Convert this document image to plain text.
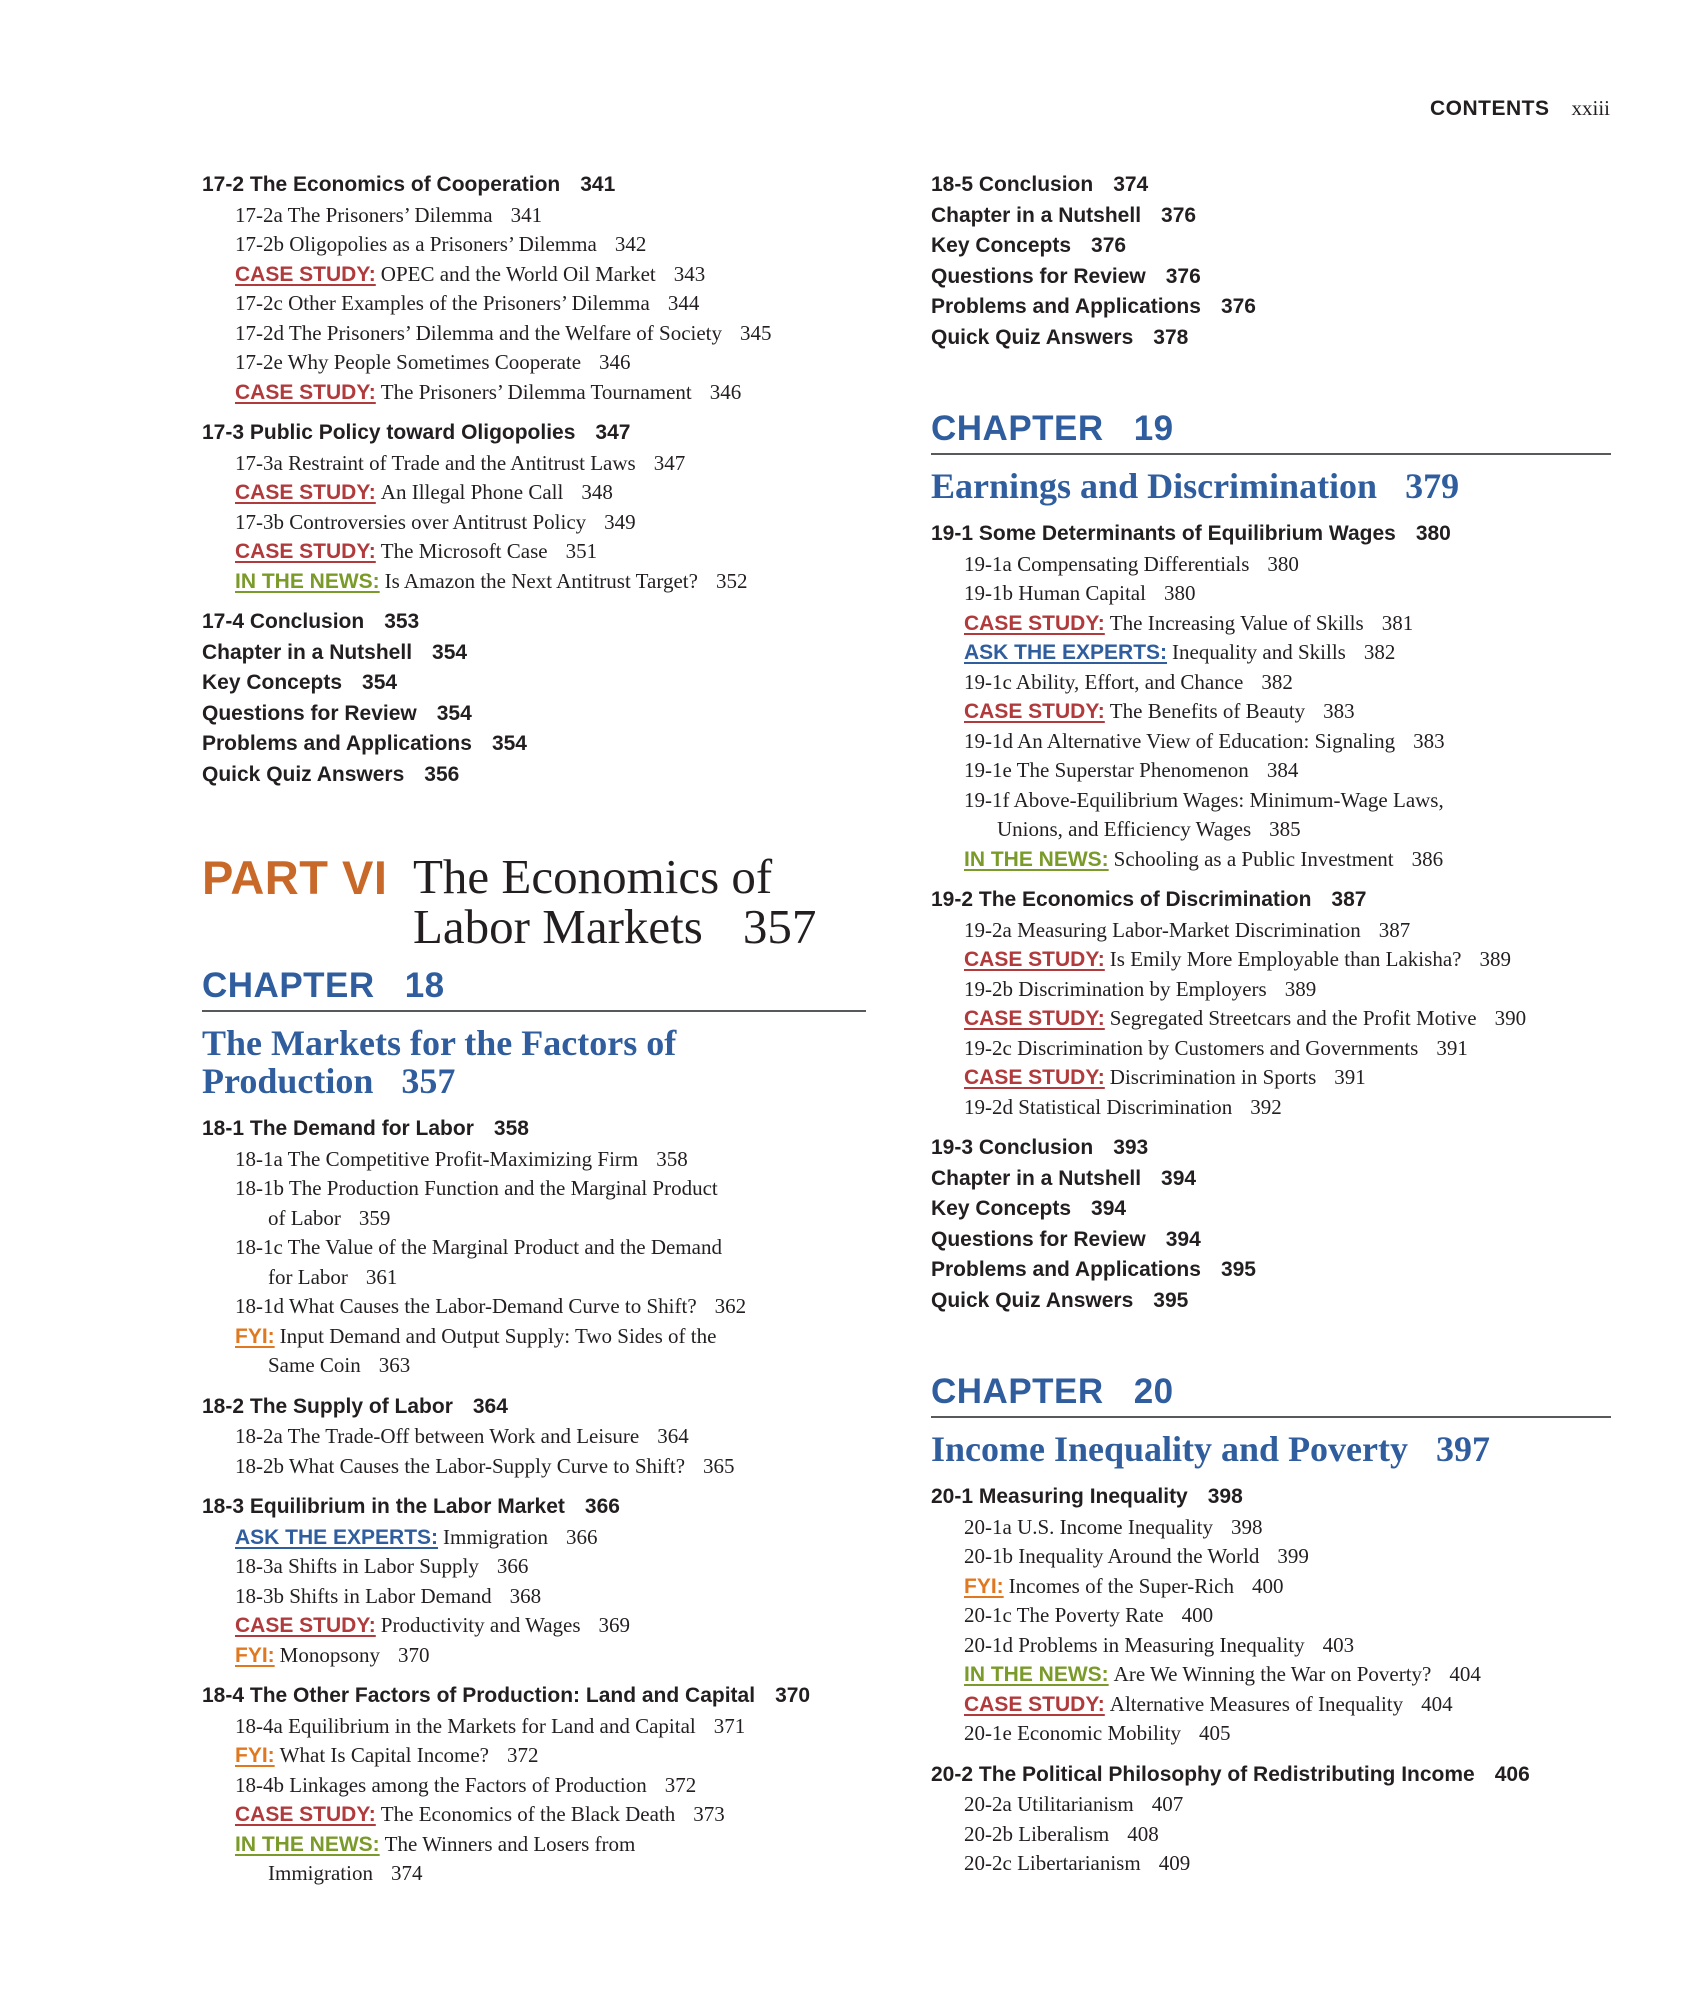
CONTENTS xxiii
17-2 The Economics of Cooperation 341
17-2a The Prisoners’ Dilemma 341
17-2b Oligopolies as a Prisoners’ Dilemma 342
CASE STUDY: OPEC and the World Oil Market 343
17-2c Other Examples of the Prisoners’ Dilemma 344
17-2d The Prisoners’ Dilemma and the Welfare of Society 345
17-2e Why People Sometimes Cooperate 346
CASE STUDY: The Prisoners’ Dilemma Tournament 346
17-3 Public Policy toward Oligopolies 347
17-3a Restraint of Trade and the Antitrust Laws 347
CASE STUDY: An Illegal Phone Call 348
17-3b Controversies over Antitrust Policy 349
CASE STUDY: The Microsoft Case 351
IN THE NEWS: Is Amazon the Next Antitrust Target? 352
17-4 Conclusion 353
Chapter in a Nutshell 354
Key Concepts 354
Questions for Review 354
Problems and Applications 354
Quick Quiz Answers 356
PART VI The Economics of
Labor Markets 357
CHAPTER 18
The Markets for the Factors of
Production 357
18-1 The Demand for Labor 358
18-1a The Competitive Profit-Maximizing Firm 358
18-1b The Production Function and the Marginal Product
of Labor 359
18-1c The Value of the Marginal Product and the Demand
for Labor 361
18-1d What Causes the Labor-Demand Curve to Shift? 362
FYI: Input Demand and Output Supply: Two Sides of the
Same Coin 363
18-2 The Supply of Labor 364
18-2a The Trade-Off between Work and Leisure 364
18-2b What Causes the Labor-Supply Curve to Shift? 365
18-3 Equilibrium in the Labor Market 366
ASK THE EXPERTS: Immigration 366
18-3a Shifts in Labor Supply 366
18-3b Shifts in Labor Demand 368
CASE STUDY: Productivity and Wages 369
FYI: Monopsony 370
18-4 The Other Factors of Production: Land and Capital 370
18-4a Equilibrium in the Markets for Land and Capital 371
FYI: What Is Capital Income? 372
18-4b Linkages among the Factors of Production 372
CASE STUDY: The Economics of the Black Death 373
IN THE NEWS: The Winners and Losers from
Immigration 374
18-5 Conclusion 374
Chapter in a Nutshell 376
Key Concepts 376
Questions for Review 376
Problems and Applications 376
Quick Quiz Answers 378
CHAPTER 19
Earnings and Discrimination 379
19-1 Some Determinants of Equilibrium Wages 380
19-1a Compensating Differentials 380
19-1b Human Capital 380
CASE STUDY: The Increasing Value of Skills 381
ASK THE EXPERTS: Inequality and Skills 382
19-1c Ability, Effort, and Chance 382
CASE STUDY: The Benefits of Beauty 383
19-1d An Alternative View of Education: Signaling 383
19-1e The Superstar Phenomenon 384
19-1f Above-Equilibrium Wages: Minimum-Wage Laws,
Unions, and Efficiency Wages 385
IN THE NEWS: Schooling as a Public Investment 386
19-2 The Economics of Discrimination 387
19-2a Measuring Labor-Market Discrimination 387
CASE STUDY: Is Emily More Employable than Lakisha? 389
19-2b Discrimination by Employers 389
CASE STUDY: Segregated Streetcars and the Profit Motive 390
19-2c Discrimination by Customers and Governments 391
CASE STUDY: Discrimination in Sports 391
19-2d Statistical Discrimination 392
19-3 Conclusion 393
Chapter in a Nutshell 394
Key Concepts 394
Questions for Review 394
Problems and Applications 395
Quick Quiz Answers 395
CHAPTER 20
Income Inequality and Poverty 397
20-1 Measuring Inequality 398
20-1a U.S. Income Inequality 398
20-1b Inequality Around the World 399
FYI: Incomes of the Super-Rich 400
20-1c The Poverty Rate 400
20-1d Problems in Measuring Inequality 403
IN THE NEWS: Are We Winning the War on Poverty? 404
CASE STUDY: Alternative Measures of Inequality 404
20-1e Economic Mobility 405
20-2 The Political Philosophy of Redistributing Income 406
20-2a Utilitarianism 407
20-2b Liberalism 408
20-2c Libertarianism 409
